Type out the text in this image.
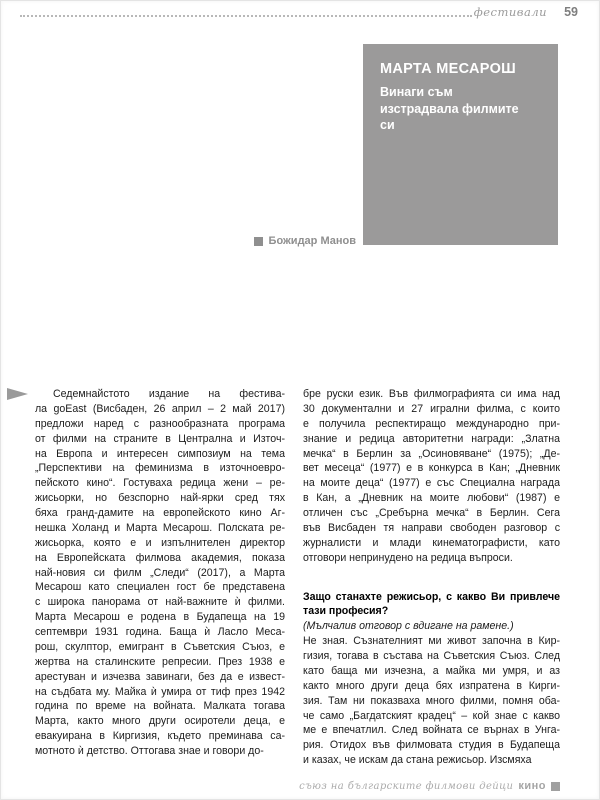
фестивали 59
МАРТА МЕСАРОШ
Винаги съм изстрадвала филмите си
Божидар Манов
Седемнайстото издание на фестива-
ла goEast (Висбаден, 26 април – 2 май 2017)
предложи наред с разнообразната програма
от филми на страните в Централна и Източ-
на Европа и интересен симпозиум на тема
„Перспективи на феминизма в източноевро-
пейското кино“. Гостуваха редица жени – ре-
жисьорки, но безспорно най-ярки сред тях
бяха гранд-дамите на европейското кино Аг-
нешка Холанд и Марта Месарош. Полската ре-
жисьорка, която е и изпълнителен директор
на Европейската филмова академия, показа
най-новия си филм „Следи“ (2017), а Марта
Месарош като специален гост бе представена
с широка панорама от най-важните ѝ филми.
Марта Месарош е родена в Будапеща на 19
септември 1931 година. Баща ѝ Ласло Меса-
рош, скулптор, емигрант в Съветския Съюз, е
жертва на сталинските репресии. През 1938 е
арестуван и изчезва завинаги, без да е извест-
на съдбата му. Майка ѝ умира от тиф през 1942
година по време на войната. Малката тогава
Марта, както много други осиротели деца, е
евакуирана в Киргизия, където преминава са-
мотното ѝ детство. Оттогава знае и говори до-
бре руски език. Във филмографията си има над
30 документални и 27 игрални филма, с които
е получила респектиращо международно при-
знание и редица авторитетни награди: „Златна
мечка“ в Берлин за „Осиновяване“ (1975); „Де-
вет месеца“ (1977) е в конкурса в Кан; „Дневник
на моите деца“ (1977) е със Специална награда
в Кан, а „Дневник на моите любови“ (1987) е
отличен със „Сребърна мечка“ в Берлин. Сега
във Висбаден тя направи свободен разговор с
журналисти и млади кинематографисти, като
отговори непринудено на редица въпроси.
Защо станахте режисьор, с какво Ви привлече
тази професия?
(Мълчалив отговор с вдигане на рамене.)
Не зная. Съзнателният ми живот започна в Кир-
гизия, тогава в състава на Съветския Съюз. След
като баща ми изчезна, а майка ми умря, и аз
както много други деца бях изпратена в Кирги-
зия. Там ни показваха много филми, помня оба-
че само „Багдатският крадец“ – кой знае с какво
ме е впечатлил. След войната се върнах в Унга-
рия. Отидох във филмовата студия в Будапеща
и казах, че искам да стана режисьор. Изсмяха
съюз на българските филмови дейци кино
